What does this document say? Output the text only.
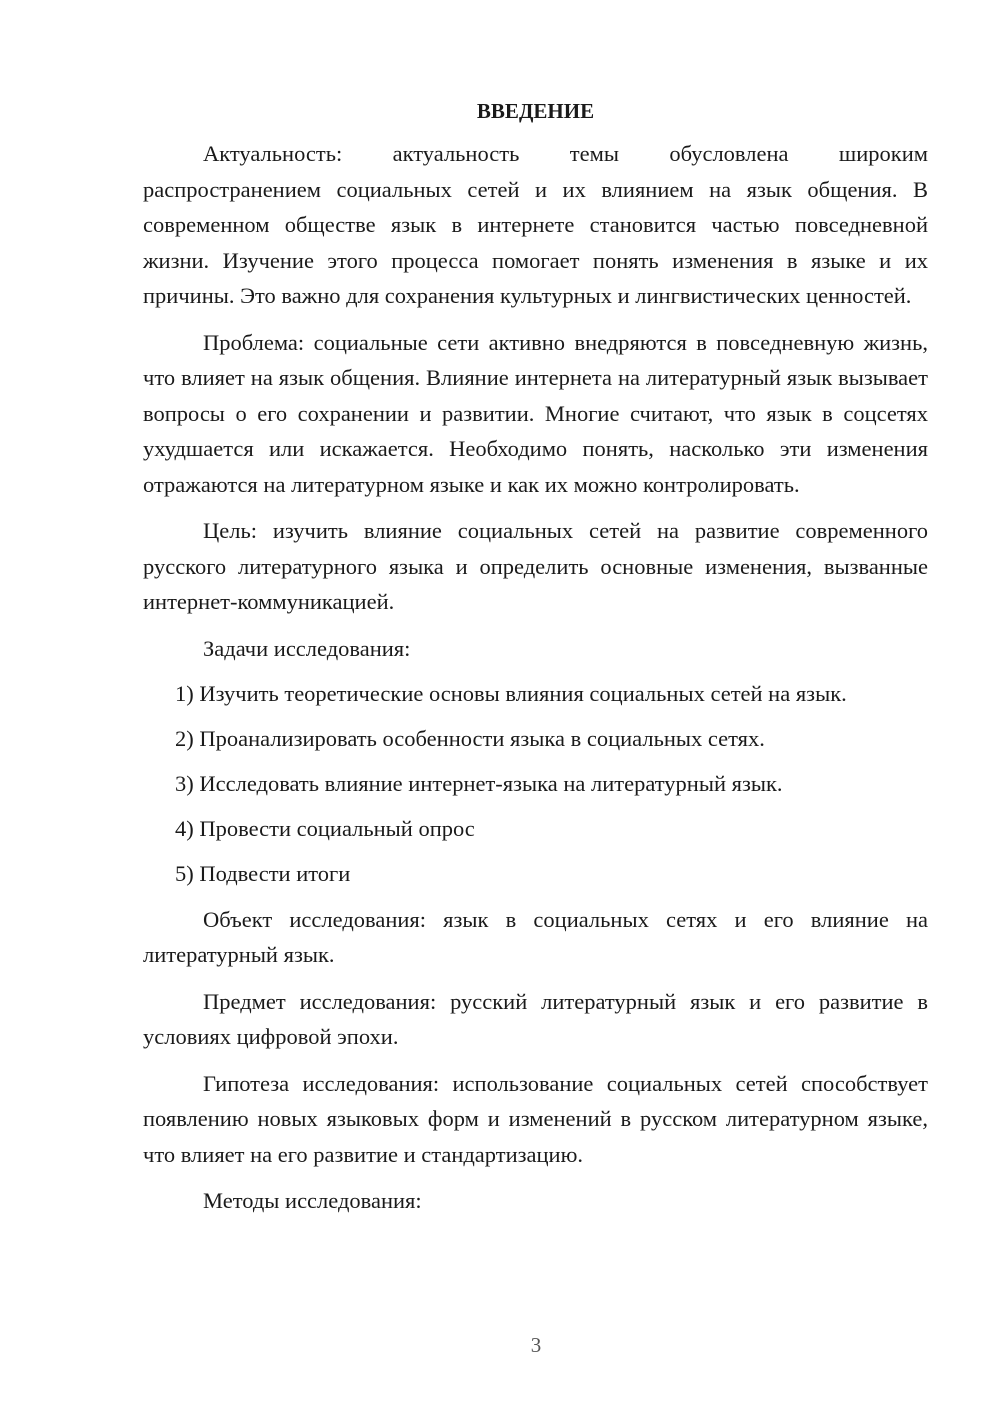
ВВЕДЕНИЕ

Актуальность: актуальность темы обусловлена широким распространением социальных сетей и их влиянием на язык общения. В современном обществе язык в интернете становится частью повседневной жизни. Изучение этого процесса помогает понять изменения в языке и их причины. Это важно для сохранения культурных и лингвистических ценностей.

Проблема: социальные сети активно внедряются в повседневную жизнь, что влияет на язык общения. Влияние интернета на литературный язык вызывает вопросы о его сохранении и развитии. Многие считают, что язык в соцсетях ухудшается или искажается. Необходимо понять, насколько эти изменения отражаются на литературном языке и как их можно контролировать.

Цель: изучить влияние социальных сетей на развитие современного русского литературного языка и определить основные изменения, вызванные интернет-коммуникацией.

Задачи исследования:

1) Изучить теоретические основы влияния социальных сетей на язык.
2) Проанализировать особенности языка в социальных сетях.
3) Исследовать влияние интернет-языка на литературный язык.
4) Провести социальный опрос
5) Подвести итоги

Объект исследования: язык в социальных сетях и его влияние на литературный язык.

Предмет исследования: русский литературный язык и его развитие в условиях цифровой эпохи.

Гипотеза исследования: использование социальных сетей способствует появлению новых языковых форм и изменений в русском литературном языке, что влияет на его развитие и стандартизацию.

Методы исследования:

3
